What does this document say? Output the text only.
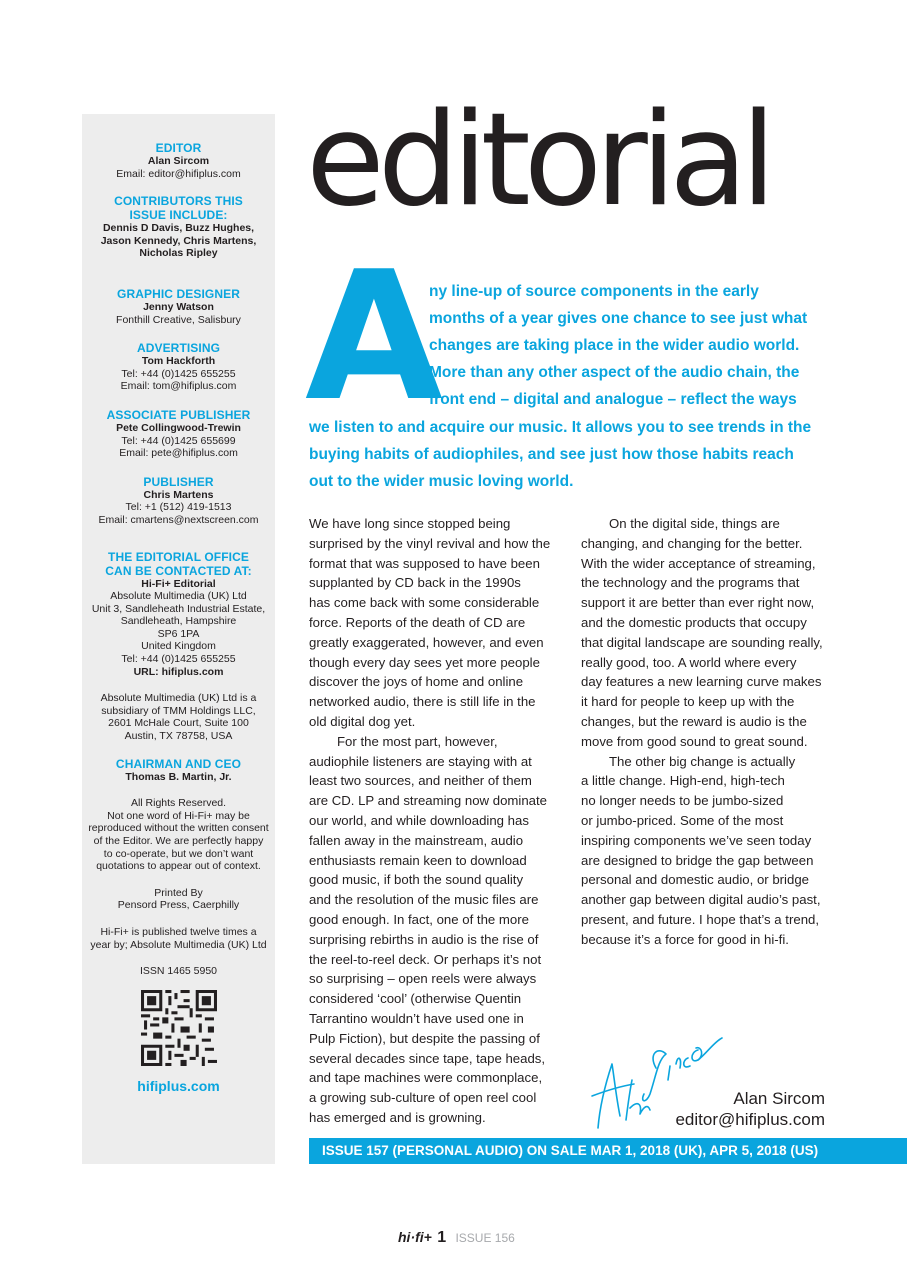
EDITOR
Alan Sircom
Email: editor@hifiplus.com
CONTRIBUTORS THIS
ISSUE INCLUDE:
Dennis D Davis, Buzz Hughes,
Jason Kennedy, Chris Martens,
Nicholas Ripley
GRAPHIC DESIGNER
Jenny Watson
Fonthill Creative, Salisbury
ADVERTISING
Tom Hackforth
Tel: +44 (0)1425 655255
Email: tom@hifiplus.com
ASSOCIATE PUBLISHER
Pete Collingwood-Trewin
Tel: +44 (0)1425 655699
Email: pete@hifiplus.com
PUBLISHER
Chris Martens
Tel: +1 (512) 419-1513
Email: cmartens@nextscreen.com
THE EDITORIAL OFFICE
CAN BE CONTACTED AT:
Hi-Fi+ Editorial
Absolute Multimedia (UK) Ltd
Unit 3, Sandleheath Industrial Estate,
Sandleheath, Hampshire
SP6 1PA
United Kingdom
Tel: +44 (0)1425 655255
URL: hifiplus.com
Absolute Multimedia (UK) Ltd is a
subsidiary of TMM Holdings LLC,
2601 McHale Court, Suite 100
Austin, TX 78758, USA
CHAIRMAN AND CEO
Thomas B. Martin, Jr.
All Rights Reserved.
Not one word of Hi-Fi+ may be
reproduced without the written consent
of the Editor. We are perfectly happy
to co-operate, but we don’t want
quotations to appear out of context.
Printed By
Pensord Press, Caerphilly
Hi-Fi+ is published twelve times a
year by; Absolute Multimedia (UK) Ltd
ISSN 1465 5950
hifiplus.com
editorial
A

ny line-up of source components in the early

months of a year gives one chance to see just what

changes are taking place in the wider audio world.

More than any other aspect of the audio chain, the

front end – digital and analogue – reflect the ways

we listen to and acquire our music. It allows you to see trends in the

buying habits of audiophiles, and see just how those habits reach

out to the wider music loving world.

We have long since stopped being
surprised by the vinyl revival and how the
format that was supposed to have been
supplanted by CD back in the 1990s
has come back with some considerable
force. Reports of the death of CD are
greatly exaggerated, however, and even
though every day sees yet more people
discover the joys of home and online
networked audio, there is still life in the
old digital dog yet.

For the most part, however,
audiophile listeners are staying with at
least two sources, and neither of them
are CD. LP and streaming now dominate
our world, and while downloading has
fallen away in the mainstream, audio
enthusiasts remain keen to download
good music, if both the sound quality
and the resolution of the music files are
good enough. In fact, one of the more
surprising rebirths in audio is the rise of
the reel-to-reel deck. Or perhaps it’s not
so surprising – open reels were always
considered ‘cool’ (otherwise Quentin
Tarrantino wouldn’t have used one in
Pulp Fiction), but despite the passing of
several decades since tape, tape heads,
and tape machines were commonplace,
a growing sub-culture of open reel cool
has emerged and is growning.

On the digital side, things are
changing, and changing for the better.
With the wider acceptance of streaming,
the technology and the programs that
support it are better than ever right now,
and the domestic products that occupy
that digital landscape are sounding really,
really good, too. A world where every
day features a new learning curve makes
it hard for people to keep up with the
changes, but the reward is audio is the
move from good sound to great sound.

The other big change is actually
a little change. High-end, high-tech
no longer needs to be jumbo-sized
or jumbo-priced. Some of the most
inspiring components we’ve seen today
are designed to bridge the gap between
personal and domestic audio, or bridge
another gap between digital audio’s past,
present, and future. I hope that’s a trend,
because it’s a force for good in hi-fi.

Alan Sircom
editor@hifiplus.com
ISSUE 157 (PERSONAL AUDIO) ON SALE MAR 1, 2018 (UK), APR 5, 2018 (US)
hi·fi+ 1 ISSUE 156
